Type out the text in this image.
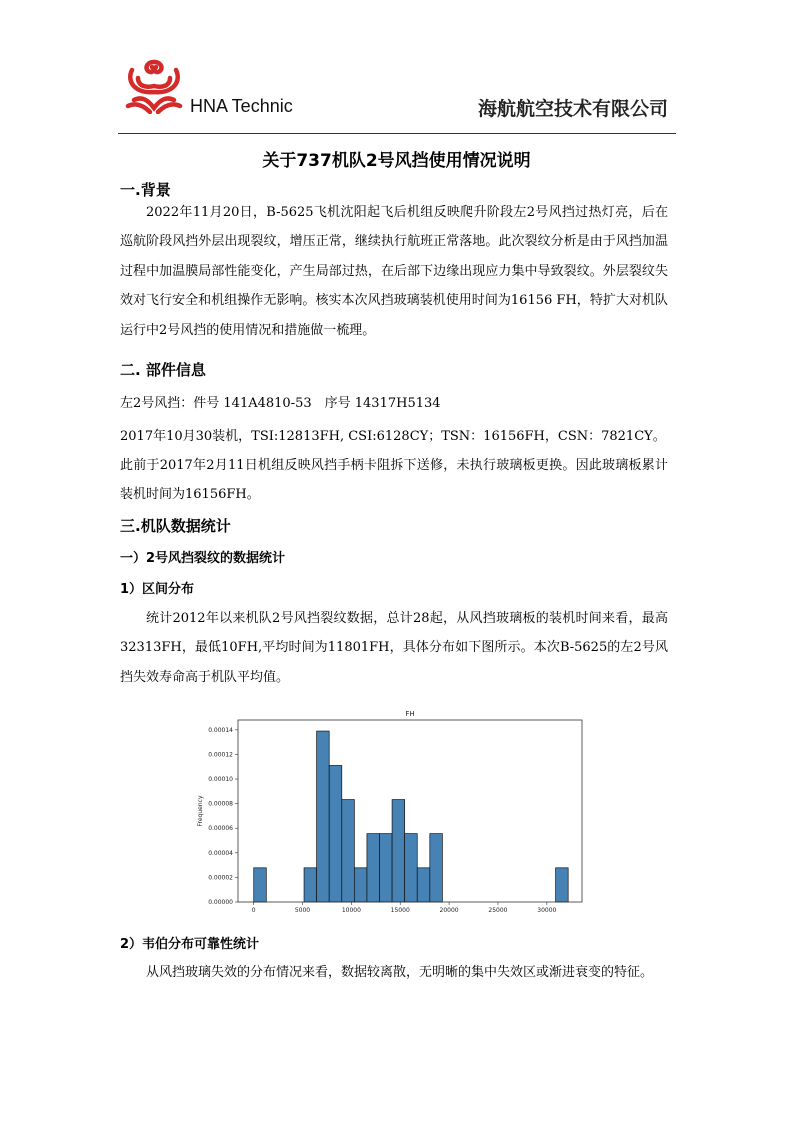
HNA Technic	海航航空技术有限公司
关于737机队2号风挡使用情况说明
一.背景
2022年11月20日，B-5625飞机沈阳起飞后机组反映爬升阶段左2号风挡过热灯亮，后在巡航阶段风挡外层出现裂纹，增压正常，继续执行航班正常落地。此次裂纹分析是由于风挡加温过程中加温膜局部性能变化，产生局部过热，在后部下边缘出现应力集中导致裂纹。外层裂纹失效对飞行安全和机组操作无影响。核实本次风挡玻璃装机使用时间为16156 FH，特扩大对机队运行中2号风挡的使用情况和措施做一梳理。
二. 部件信息
左2号风挡：件号 141A4810-53　序号 14317H5134
2017年10月30装机，TSI:12813FH, CSI:6128CY；TSN：16156FH，CSN：7821CY。
此前于2017年2月11日机组反映风挡手柄卡阻拆下送修，未执行玻璃板更换。因此玻璃板累计装机时间为16156FH。
三.机队数据统计
一）2号风挡裂纹的数据统计
1）区间分布
统计2012年以来机队2号风挡裂纹数据，总计28起，从风挡玻璃板的装机时间来看，最高32313FH，最低10FH,平均时间为11801FH，具体分布如下图所示。本次B-5625的左2号风挡失效寿命高于机队平均值。
FH
Frequency
0	5000	10000	15000	20000	25000	30000
0.00000
0.00002
0.00004
0.00006
0.00008
0.00010
0.00012
0.00014
2）韦伯分布可靠性统计
从风挡玻璃失效的分布情况来看，数据较离散，无明晰的集中失效区或渐进衰变的特征。
